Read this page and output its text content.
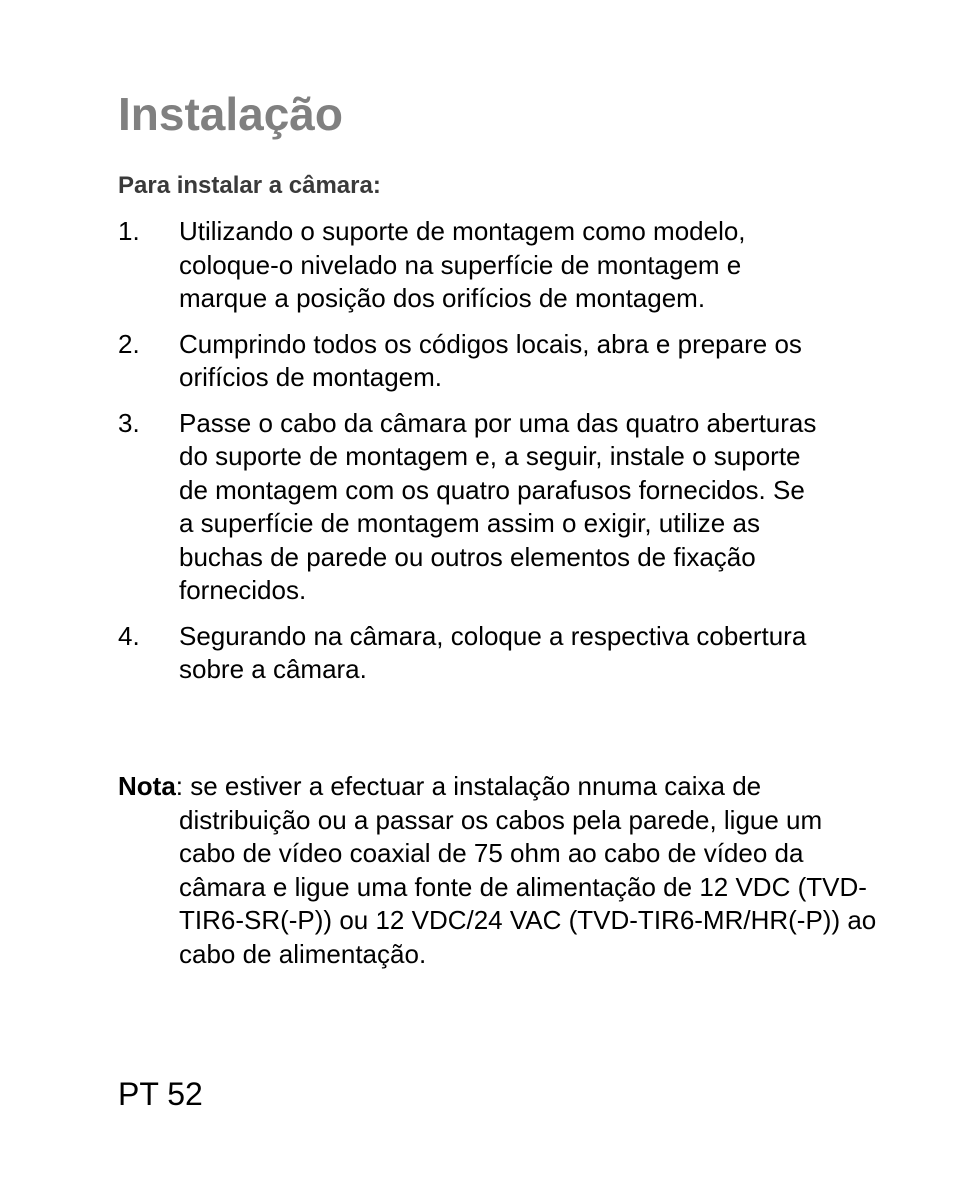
Instalação

Para instalar a câmara:

1. Utilizando o suporte de montagem como modelo, coloque-o nivelado na superfície de montagem e marque a posição dos orifícios de montagem.
2. Cumprindo todos os códigos locais, abra e prepare os orifícios de montagem.
3. Passe o cabo da câmara por uma das quatro aberturas do suporte de montagem e, a seguir, instale o suporte de montagem com os quatro parafusos fornecidos. Se a superfície de montagem assim o exigir, utilize as buchas de parede ou outros elementos de fixação fornecidos.
4. Segurando na câmara, coloque a respectiva cobertura sobre a câmara.

Nota: se estiver a efectuar a instalação nnuma caixa de distribuição ou a passar os cabos pela parede, ligue um cabo de vídeo coaxial de 75 ohm ao cabo de vídeo da câmara e ligue uma fonte de alimentação de 12 VDC (TVD-TIR6-SR(-P)) ou 12 VDC/24 VAC (TVD-TIR6-MR/HR(-P)) ao cabo de alimentação.

PT 52
